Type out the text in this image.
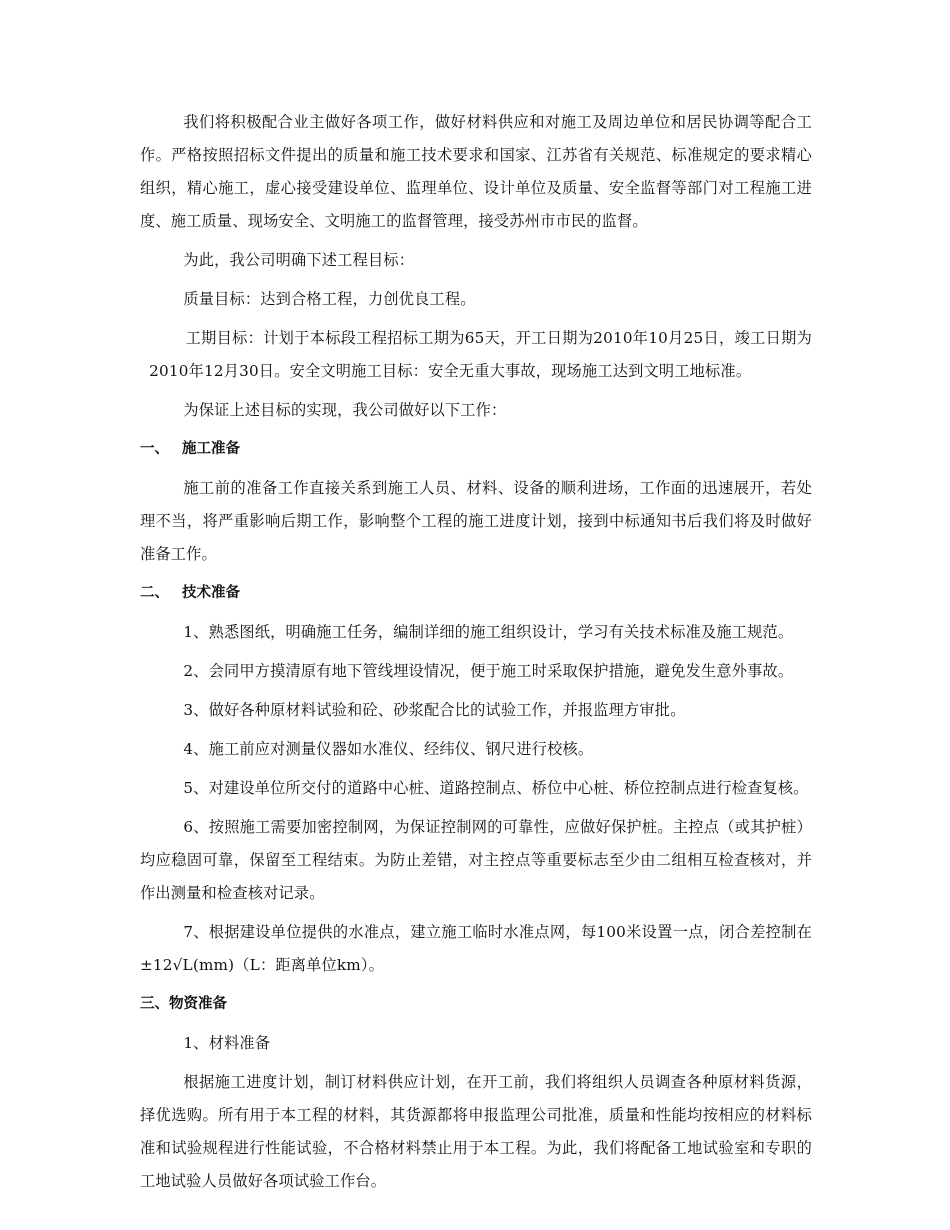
我们将积极配合业主做好各项工作，做好材料供应和对施工及周边单位和居民协调等配合工作。严格按照招标文件提出的质量和施工技术要求和国家、江苏省有关规范、标准规定的要求精心组织，精心施工，虚心接受建设单位、监理单位、设计单位及质量、安全监督等部门对工程施工进度、施工质量、现场安全、文明施工的监督管理，接受苏州市市民的监督。

为此，我公司明确下述工程目标：

质量目标：达到合格工程，力创优良工程。

工期目标：计划于本标段工程招标工期为65天，开工日期为2010年10月25日，竣工日期为2010年12月30日。安全文明施工目标：安全无重大事故，现场施工达到文明工地标准。

为保证上述目标的实现，我公司做好以下工作：

一、 施工准备

施工前的准备工作直接关系到施工人员、材料、设备的顺利进场，工作面的迅速展开，若处理不当，将严重影响后期工作，影响整个工程的施工进度计划，接到中标通知书后我们将及时做好准备工作。

二、 技术准备

1、熟悉图纸，明确施工任务，编制详细的施工组织设计，学习有关技术标准及施工规范。

2、会同甲方摸清原有地下管线埋设情况，便于施工时采取保护措施，避免发生意外事故。

3、做好各种原材料试验和砼、砂浆配合比的试验工作，并报监理方审批。

4、施工前应对测量仪器如水准仪、经纬仪、钢尺进行校核。

5、对建设单位所交付的道路中心桩、道路控制点、桥位中心桩、桥位控制点进行检查复核。

6、按照施工需要加密控制网，为保证控制网的可靠性，应做好保护桩。主控点（或其护桩）均应稳固可靠，保留至工程结束。为防止差错，对主控点等重要标志至少由二组相互检查核对，并作出测量和检查核对记录。

7、根据建设单位提供的水准点，建立施工临时水准点网，每100米设置一点，闭合差控制在±12√L(mm)（L：距离单位km）。

三、物资准备

1、材料准备

根据施工进度计划，制订材料供应计划，在开工前，我们将组织人员调查各种原材料货源，择优选购。所有用于本工程的材料，其货源都将申报监理公司批准，质量和性能均按相应的材料标准和试验规程进行性能试验，不合格材料禁止用于本工程。为此，我们将配备工地试验室和专职的工地试验人员做好各项试验工作台。
